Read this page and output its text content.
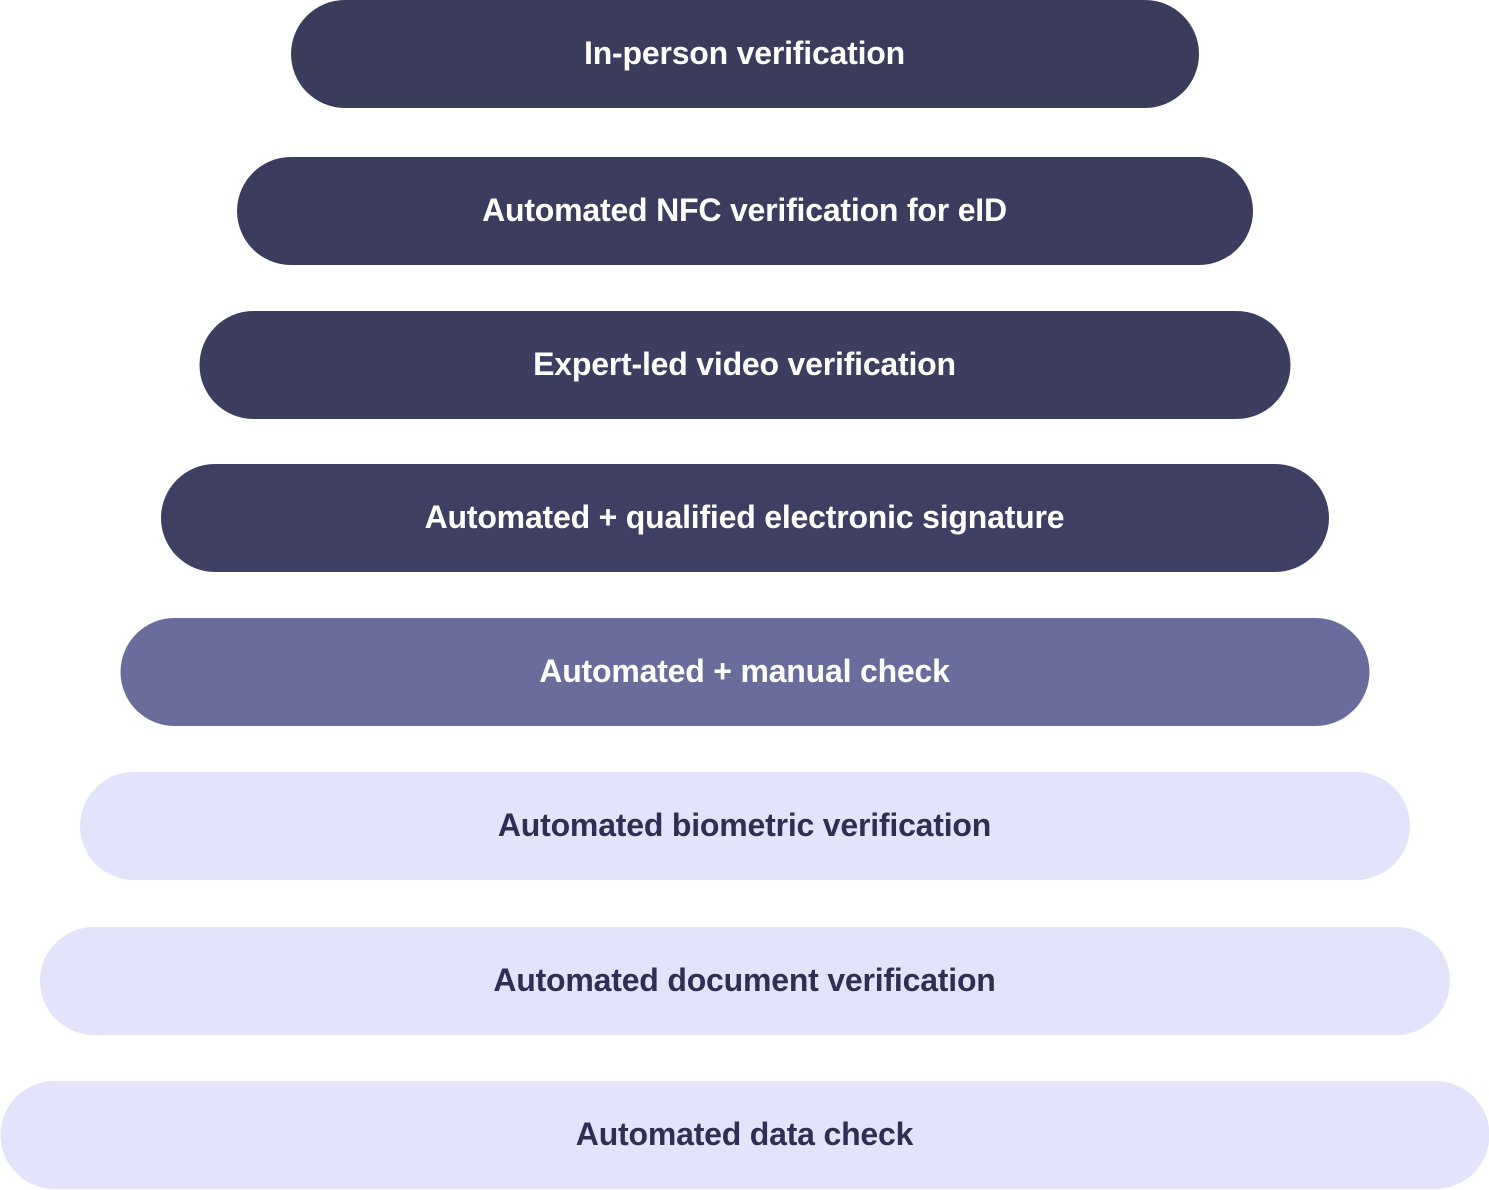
In-person verification
Automated NFC verification for eID
Expert-led video verification
Automated + qualified electronic signature
Automated + manual check
Automated biometric verification
Automated document verification
Automated data check
